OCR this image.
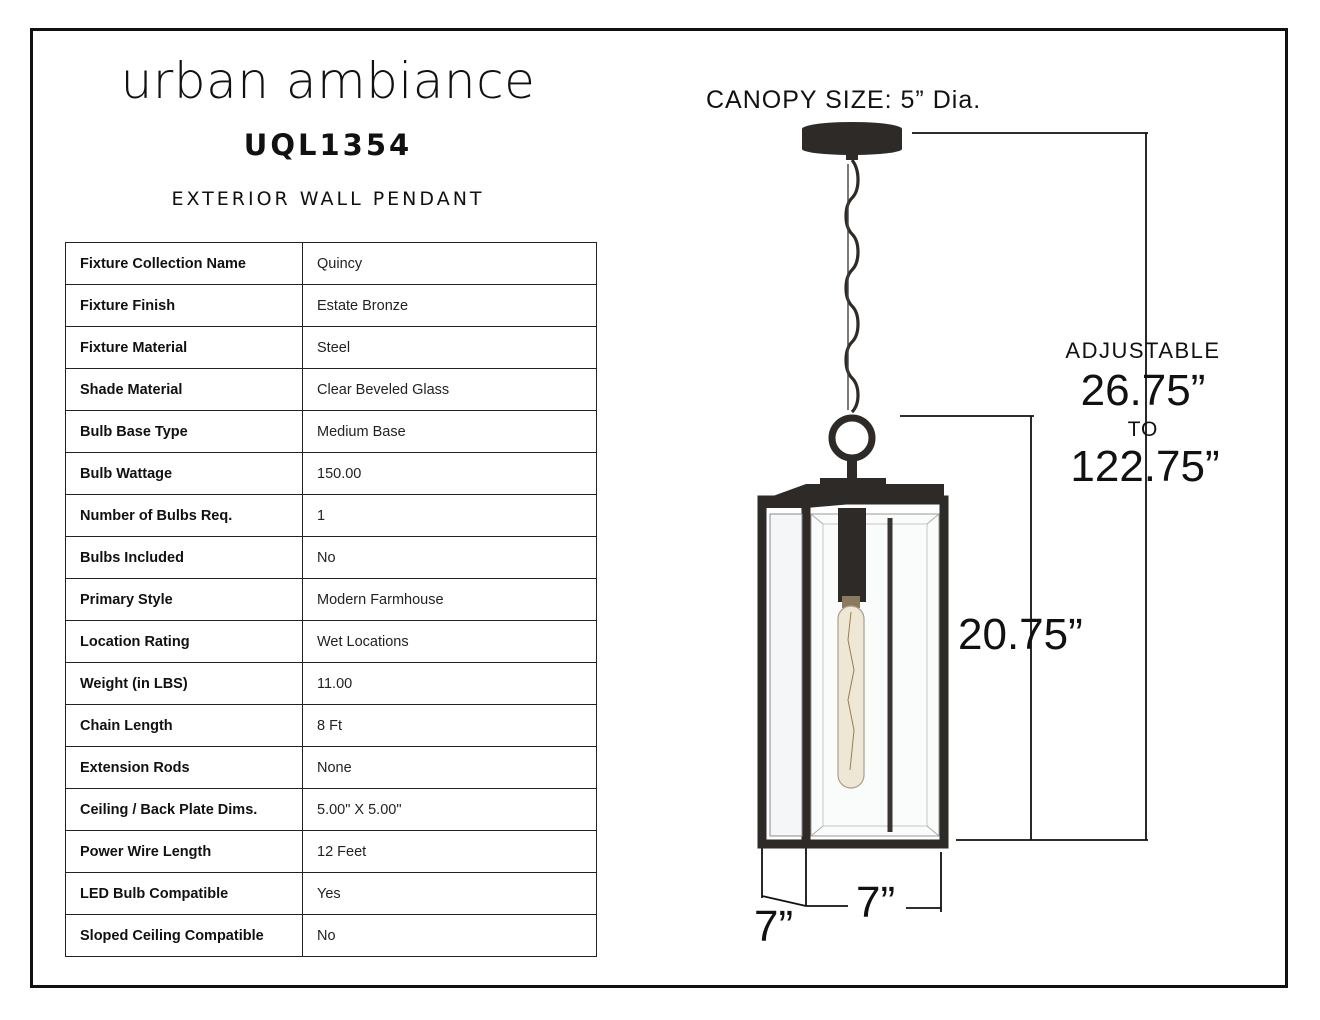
urban ambiance
UQL1354
EXTERIOR WALL PENDANT
Fixture Collection Name	Quincy
Fixture Finish	Estate Bronze
Fixture Material	Steel
Shade Material	Clear Beveled Glass
Bulb Base Type	Medium Base
Bulb Wattage	150.00
Number of Bulbs Req.	1
Bulbs Included	No
Primary Style	Modern Farmhouse
Location Rating	Wet Locations
Weight (in LBS)	11.00
Chain Length	8 Ft
Extension Rods	None
Ceiling / Back Plate Dims.	5.00" X 5.00"
Power Wire Length	12 Feet
LED Bulb Compatible	Yes
Sloped Ceiling Compatible	No
CANOPY SIZE: 5” Dia.
ADJUSTABLE
26.75”
TO
122.75”
20.75”
7”
7”
